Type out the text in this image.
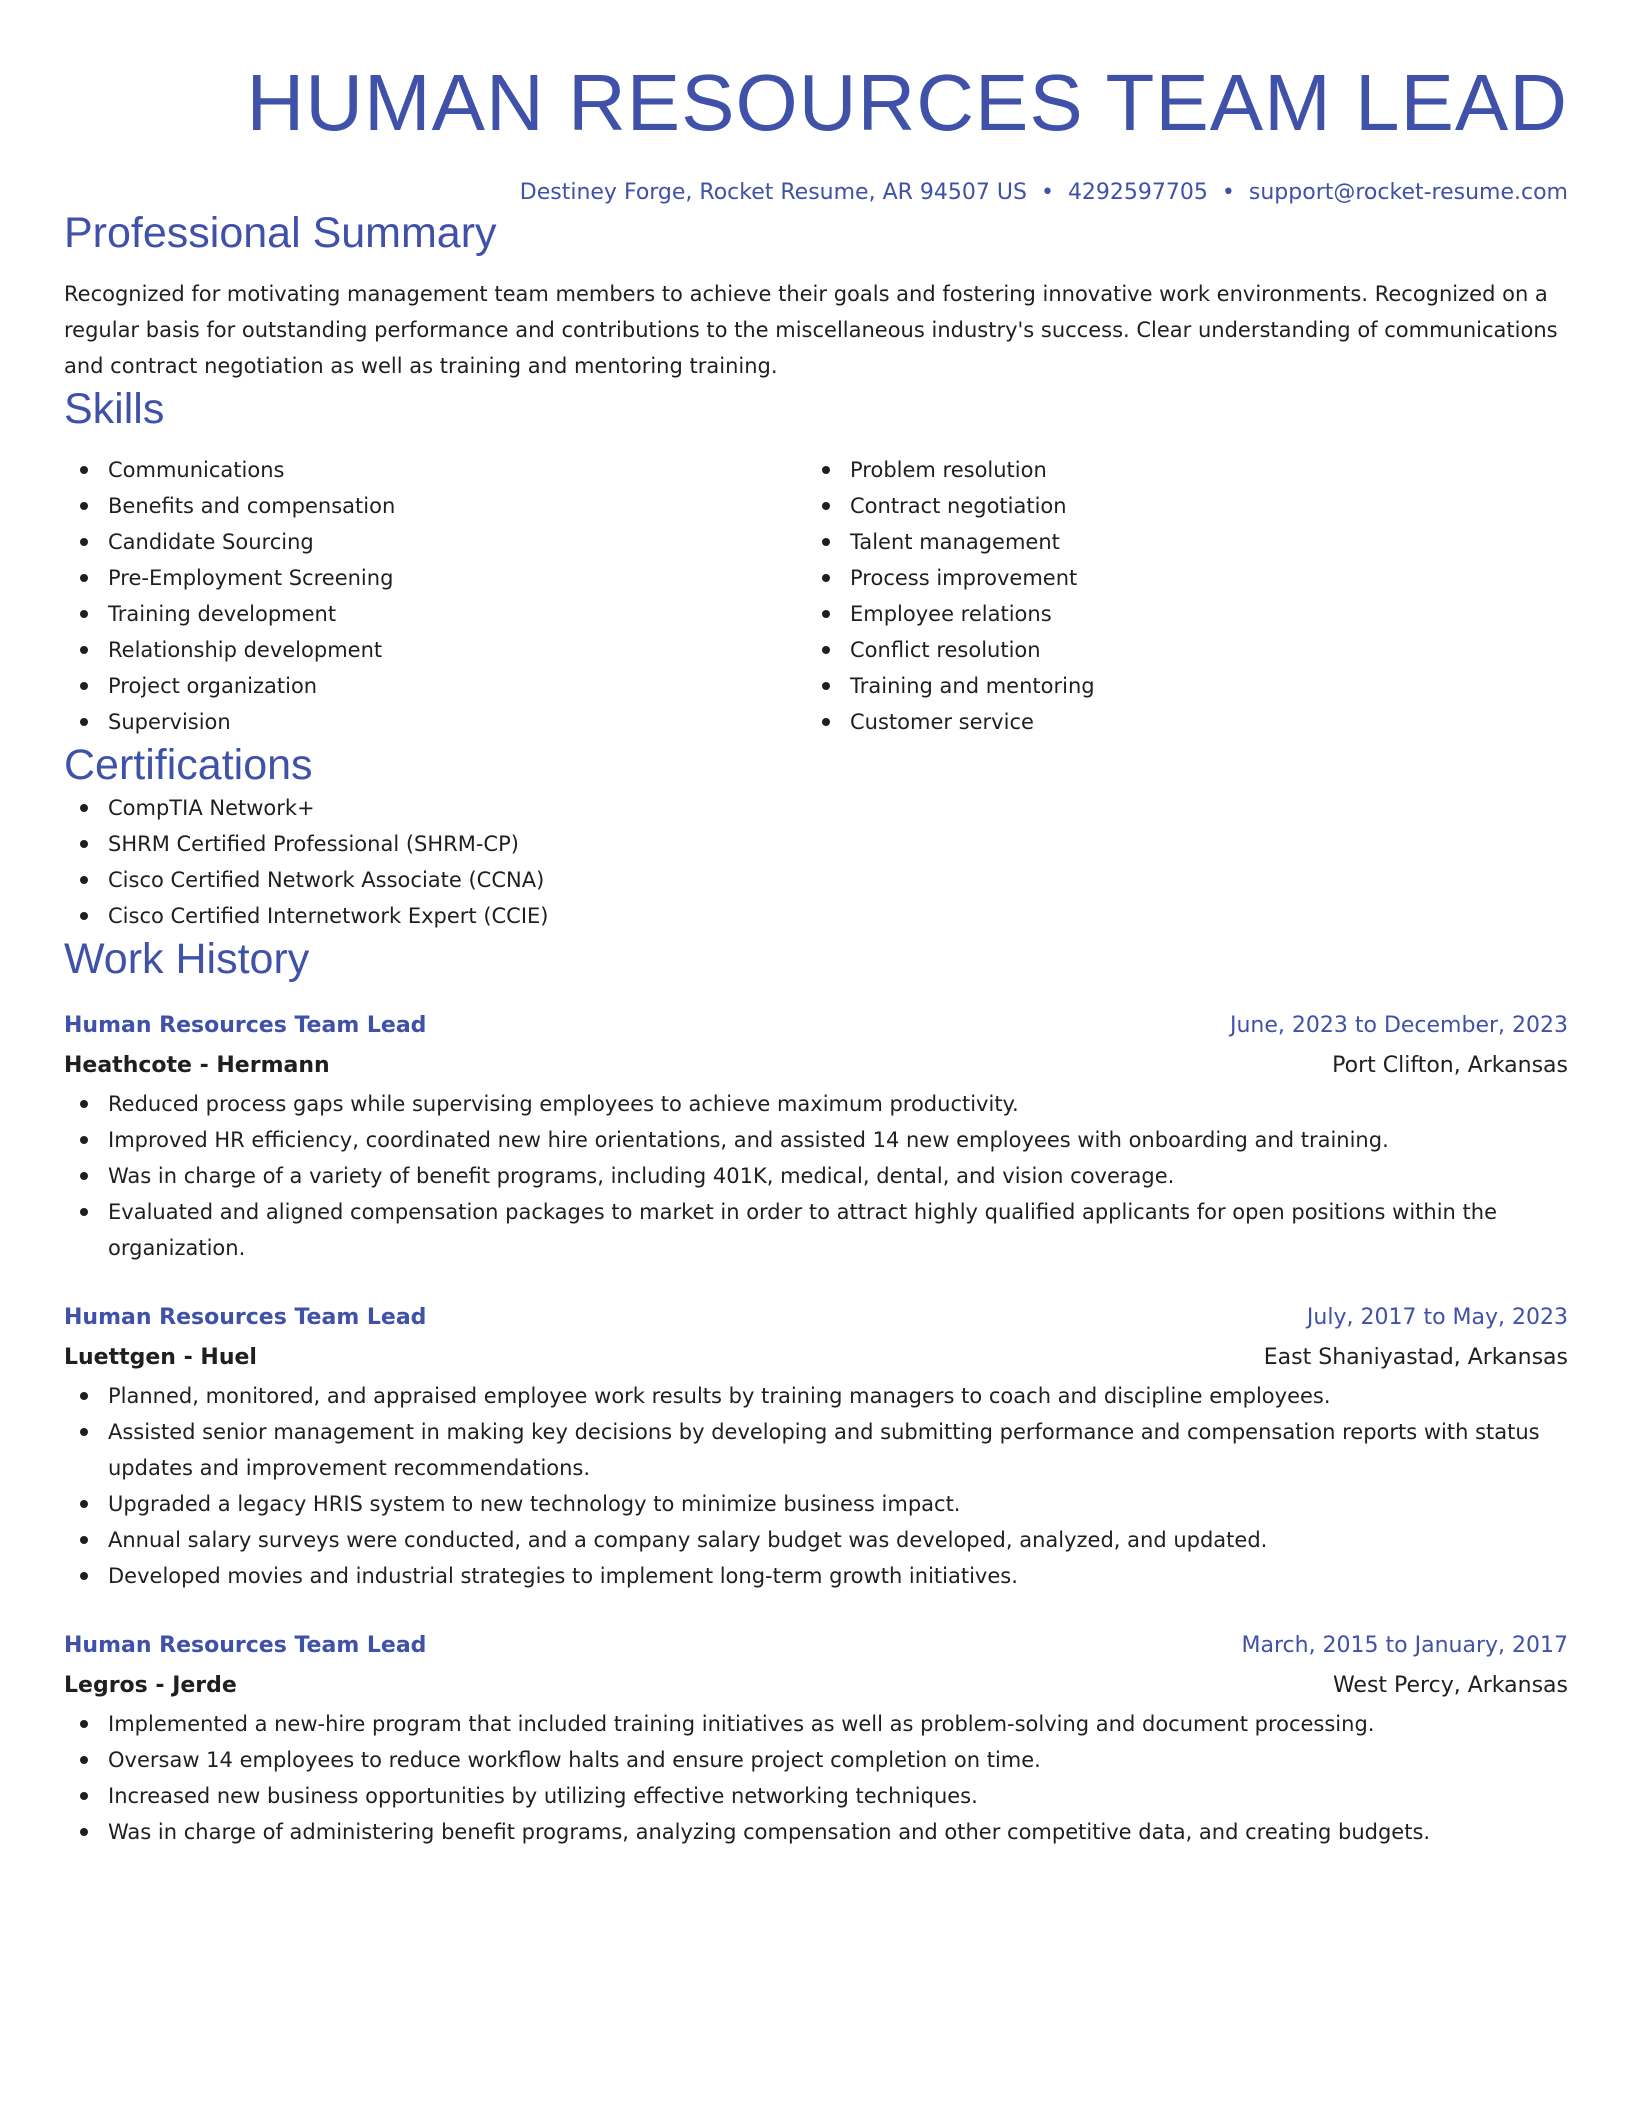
HUMAN RESOURCES TEAM LEAD
Destiney Forge, Rocket Resume, AR 94507 US • 4292597705 • support@rocket-resume.com
Professional Summary

Recognized for motivating management team members to achieve their goals and fostering innovative work environments. Recognized on a regular basis for outstanding performance and contributions to the miscellaneous industry's success. Clear understanding of communications and contract negotiation as well as training and mentoring training.

Skills
Communications
Benefits and compensation
Candidate Sourcing
Pre-Employment Screening
Training development
Relationship development
Project organization
Supervision
Problem resolution
Contract negotiation
Talent management
Process improvement
Employee relations
Conflict resolution
Training and mentoring
Customer service
Certifications
CompTIA Network+
SHRM Certified Professional (SHRM-CP)
Cisco Certified Network Associate (CCNA)
Cisco Certified Internetwork Expert (CCIE)
Work History
Human Resources Team Lead	June, 2023 to December, 2023
Heathcote - Hermann	Port Clifton, Arkansas
Reduced process gaps while supervising employees to achieve maximum productivity.
Improved HR efficiency, coordinated new hire orientations, and assisted 14 new employees with onboarding and training.
Was in charge of a variety of benefit programs, including 401K, medical, dental, and vision coverage.
Evaluated and aligned compensation packages to market in order to attract highly qualified applicants for open positions within the organization.
Human Resources Team Lead	July, 2017 to May, 2023
Luettgen - Huel	East Shaniyastad, Arkansas
Planned, monitored, and appraised employee work results by training managers to coach and discipline employees.
Assisted senior management in making key decisions by developing and submitting performance and compensation reports with status updates and improvement recommendations.
Upgraded a legacy HRIS system to new technology to minimize business impact.
Annual salary surveys were conducted, and a company salary budget was developed, analyzed, and updated.
Developed movies and industrial strategies to implement long-term growth initiatives.
Human Resources Team Lead	March, 2015 to January, 2017
Legros - Jerde	West Percy, Arkansas
Implemented a new-hire program that included training initiatives as well as problem-solving and document processing.
Oversaw 14 employees to reduce workflow halts and ensure project completion on time.
Increased new business opportunities by utilizing effective networking techniques.
Was in charge of administering benefit programs, analyzing compensation and other competitive data, and creating budgets.
